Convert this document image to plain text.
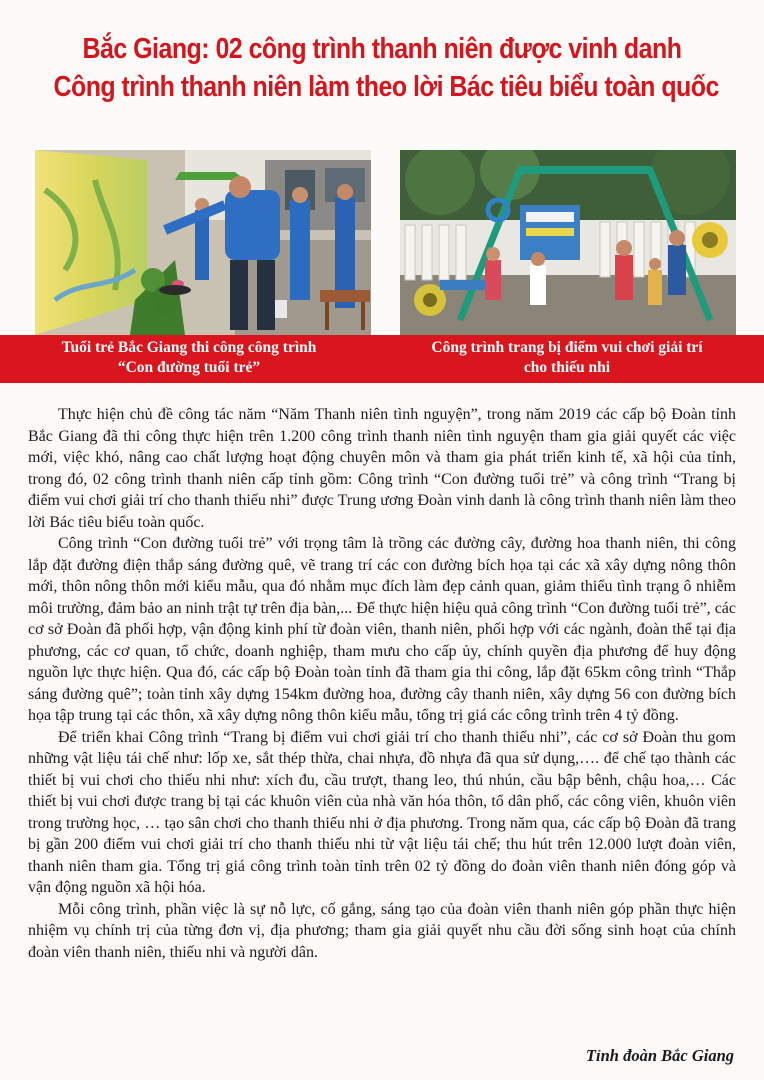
Bắc Giang: 02 công trình thanh niên được vinh danh
Công trình thanh niên làm theo lời Bác tiêu biểu toàn quốc
Tuổi trẻ Bắc Giang thi công công trình
“Con đường tuổi trẻ”
Công trình trang bị điểm vui chơi giải trí
cho thiếu nhi

Thực hiện chủ đề công tác năm “Năm Thanh niên tình nguyện”, trong năm 2019 các cấp bộ Đoàn tỉnh Bắc Giang đã thi công thực hiện trên 1.200 công trình thanh niên tình nguyện tham gia giải quyết các việc mới, việc khó, nâng cao chất lượng hoạt động chuyên môn và tham gia phát triển kinh tế, xã hội của tỉnh, trong đó, 02 công trình thanh niên cấp tỉnh gồm: Công trình “Con đường tuổi trẻ” và công trình “Trang bị điểm vui chơi giải trí cho thanh thiếu nhi” được Trung ương Đoàn vinh danh là công trình thanh niên làm theo lời Bác tiêu biểu toàn quốc.

Công trình “Con đường tuổi trẻ” với trọng tâm là trồng các đường cây, đường hoa thanh niên, thi công lắp đặt đường điện thắp sáng đường quê, vẽ trang trí các con đường bích họa tại các xã xây dựng nông thôn mới, thôn nông thôn mới kiểu mẫu, qua đó nhằm mục đích làm đẹp cảnh quan, giảm thiểu tình trạng ô nhiễm môi trường, đảm bảo an ninh trật tự trên địa bàn,... Để thực hiện hiệu quả công trình “Con đường tuổi trẻ”, các cơ sở Đoàn đã phối hợp, vận động kinh phí từ đoàn viên, thanh niên, phối hợp với các ngành, đoàn thể tại địa phương, các cơ quan, tổ chức, doanh nghiệp, tham mưu cho cấp ủy, chính quyền địa phương để huy động nguồn lực thực hiện. Qua đó, các cấp bộ Đoàn toàn tỉnh đã tham gia thi công, lắp đặt 65km công trình “Thắp sáng đường quê”; toàn tỉnh xây dựng 154km đường hoa, đường cây thanh niên, xây dựng 56 con đường bích họa tập trung tại các thôn, xã xây dựng nông thôn kiểu mẫu, tổng trị giá các công trình trên 4 tỷ đồng.

Để triển khai Công trình “Trang bị điểm vui chơi giải trí cho thanh thiếu nhi”, các cơ sở Đoàn thu gom những vật liệu tái chế như: lốp xe, sắt thép thừa, chai nhựa, đồ nhựa đã qua sử dụng,…. để chế tạo thành các thiết bị vui chơi cho thiếu nhi như: xích đu, cầu trượt, thang leo, thú nhún, cầu bập bênh, chậu hoa,… Các thiết bị vui chơi được trang bị tại các khuôn viên của nhà văn hóa thôn, tổ dân phố, các công viên, khuôn viên trong trường học, … tạo sân chơi cho thanh thiếu nhi ở địa phương. Trong năm qua, các cấp bộ Đoàn đã trang bị gần 200 điểm vui chơi giải trí cho thanh thiếu nhi từ vật liệu tái chế; thu hút trên 12.000 lượt đoàn viên, thanh niên tham gia. Tổng trị giá công trình toàn tỉnh trên 02 tỷ đồng do đoàn viên thanh niên đóng góp và vận động nguồn xã hội hóa.

Mỗi công trình, phần việc là sự nỗ lực, cố gắng, sáng tạo của đoàn viên thanh niên góp phần thực hiện nhiệm vụ chính trị của từng đơn vị, địa phương; tham gia giải quyết nhu cầu đời sống sinh hoạt của chính đoàn viên thanh niên, thiếu nhi và người dân.

Tỉnh đoàn Bắc Giang
